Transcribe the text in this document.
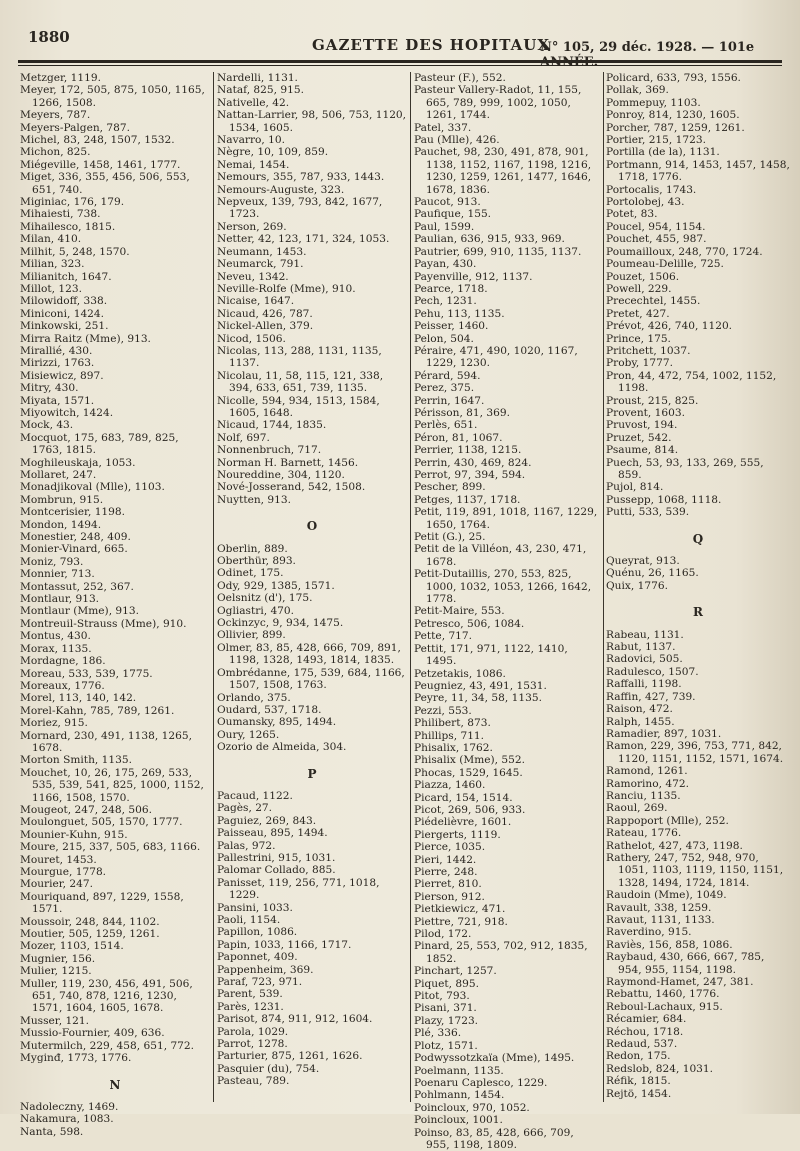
1880	GAZETTE DES HOPITAUX
N° 105, 29 déc. 1928. — 101e ANNÉE.
Metzger, 1119.
Meyer, 172, 505, 875, 1050, 1165, 1266, 1508.
Meyers, 787.
Meyers-Palgen, 787.
Michel, 83, 248, 1507, 1532.
Michon, 825.
Miégeville, 1458, 1461, 1777.
Miget, 336, 355, 456, 506, 553, 651, 740.
Miginiac, 176, 179.
Mihaiesti, 738.
Mihailesco, 1815.
Milan, 410.
Milhit, 5, 248, 1570.
Milian, 323.
Milianitch, 1647.
Millot, 123.
Milowidoff, 338.
Miniconi, 1424.
Minkowski, 251.
Mirra Raitz (Mme), 913.
Mirallié, 430.
Mirizzi, 1763.
Misiewicz, 897.
Mitry, 430.
Miyata, 1571.
Miyowitch, 1424.
Mock, 43.
Mocquot, 175, 683, 789, 825, 1763, 1815.
Moghileuskaja, 1053.
Mollaret, 247.
Monadjikoval (Mlle), 1103.
Mombrun, 915.
Montcerisier, 1198.
Mondon, 1494.
Monestier, 248, 409.
Monier-Vinard, 665.
Moniz, 793.
Monnier, 713.
Montassut, 252, 367.
Montlaur, 913.
Montlaur (Mme), 913.
Montreuil-Strauss (Mme), 910.
Montus, 430.
Morax, 1135.
Mordagne, 186.
Moreau, 533, 539, 1775.
Moreaux, 1776.
Morel, 113, 140, 142.
Morel-Kahn, 785, 789, 1261.
Moriez, 915.
Mornard, 230, 491, 1138, 1265, 1678.
Morton Smith, 1135.
Mouchet, 10, 26, 175, 269, 533, 535, 539, 541, 825, 1000, 1152, 1166, 1508, 1570.
Mougeot, 247, 248, 506.
Moulonguet, 505, 1570, 1777.
Mounier-Kuhn, 915.
Moure, 215, 337, 505, 683, 1166.
Mouret, 1453.
Mourgue, 1778.
Mourier, 247.
Mouriquand, 897, 1229, 1558, 1571.
Moussoir, 248, 844, 1102.
Moutier, 505, 1259, 1261.
Mozer, 1103, 1514.
Mugnier, 156.
Mulier, 1215.
Muller, 119, 230, 456, 491, 506, 651, 740, 878, 1216, 1230, 1571, 1604, 1605, 1678.
Musser, 121.
Mussio-Fournier, 409, 636.
Mutermilch, 229, 458, 651, 772.
Myginđ, 1773, 1776.
N
Nadoleczny, 1469.
Nakamura, 1083.
Nanta, 598.
Nardelli, 1131.
Nataf, 825, 915.
Nativelle, 42.
Nattan-Larrier, 98, 506, 753, 1120, 1534, 1605.
Navarro, 10.
Nègre, 10, 109, 859.
Nemai, 1454.
Nemours, 355, 787, 933, 1443.
Nemours-Auguste, 323.
Nepveux, 139, 793, 842, 1677, 1723.
Nerson, 269.
Netter, 42, 123, 171, 324, 1053.
Neumann, 1453.
Neumarck, 791.
Neveu, 1342.
Neville-Rolfe (Mme), 910.
Nicaise, 1647.
Nicaud, 426, 787.
Nickel-Allen, 379.
Nicod, 1506.
Nicolas, 113, 288, 1131, 1135, 1137.
Nicolau, 11, 58, 115, 121, 338, 394, 633, 651, 739, 1135.
Nicolle, 594, 934, 1513, 1584, 1605, 1648.
Nicaud, 1744, 1835.
Nolf, 697.
Nonnenbruch, 717.
Norman H. Barnett, 1456.
Noureddine, 304, 1120.
Nové-Josserand, 542, 1508.
Nuytten, 913.
O
Oberlin, 889.
Oberthür, 893.
Odinet, 175.
Ody, 929, 1385, 1571.
Oelsnitz (d'), 175.
Ogliastri, 470.
Ockinzyc, 9, 934, 1475.
Ollivier, 899.
Olmer, 83, 85, 428, 666, 709, 891, 1198, 1328, 1493, 1814, 1835.
Ombrédanne, 175, 539, 684, 1166, 1507, 1508, 1763.
Orlando, 375.
Oudard, 537, 1718.
Oumansky, 895, 1494.
Oury, 1265.
Ozorio de Almeida, 304.
P
Pacaud, 1122.
Pagès, 27.
Paguiez, 269, 843.
Paisseau, 895, 1494.
Palas, 972.
Pallestrini, 915, 1031.
Palomar Collado, 885.
Panisset, 119, 256, 771, 1018, 1229.
Pansini, 1033.
Paoli, 1154.
Papillon, 1086.
Papin, 1033, 1166, 1717.
Paponnet, 409.
Pappenheim, 369.
Paraf, 723, 971.
Parent, 539.
Parès, 1231.
Parisot, 874, 911, 912, 1604.
Parola, 1029.
Parrot, 1278.
Parturier, 875, 1261, 1626.
Pasquier (du), 754.
Pasteau, 789.
Pasteur (F.), 552.
Pasteur Vallery-Radot, 11, 155, 665, 789, 999, 1002, 1050, 1261, 1744.
Patel, 337.
Pau (Mlle), 426.
Pauchet, 98, 230, 491, 878, 901, 1138, 1152, 1167, 1198, 1216, 1230, 1259, 1261, 1477, 1646, 1678, 1836.
Paucot, 913.
Paufique, 155.
Paul, 1599.
Paulian, 636, 915, 933, 969.
Pautrier, 699, 910, 1135, 1137.
Payan, 430.
Payenville, 912, 1137.
Pearce, 1718.
Pech, 1231.
Pehu, 113, 1135.
Peisser, 1460.
Pelon, 504.
Péraire, 471, 490, 1020, 1167, 1229, 1230.
Pérard, 594.
Perez, 375.
Perrin, 1647.
Périsson, 81, 369.
Perlès, 651.
Péron, 81, 1067.
Perrier, 1138, 1215.
Perrin, 430, 469, 824.
Perrot, 97, 394, 594.
Pescher, 899.
Petges, 1137, 1718.
Petit, 119, 891, 1018, 1167, 1229, 1650, 1764.
Petit (G.), 25.
Petit de la Villéon, 43, 230, 471, 1678.
Petit-Dutaillis, 270, 553, 825, 1000, 1032, 1053, 1266, 1642, 1778.
Petit-Maire, 553.
Petresco, 506, 1084.
Pette, 717.
Pettit, 171, 971, 1122, 1410, 1495.
Petzetakis, 1086.
Peugniez, 43, 491, 1531.
Peyre, 11, 34, 58, 1135.
Pezzi, 553.
Philibert, 873.
Phillips, 711.
Phisalix, 1762.
Phisalix (Mme), 552.
Phocas, 1529, 1645.
Piazza, 1460.
Picard, 154, 1514.
Picot, 269, 506, 933.
Piédelièvre, 1601.
Piergerts, 1119.
Pierce, 1035.
Pieri, 1442.
Pierre, 248.
Pierret, 810.
Pierson, 912.
Pietkiewicz, 471.
Piettre, 721, 918.
Pilod, 172.
Pinard, 25, 553, 702, 912, 1835, 1852.
Pinchart, 1257.
Piquet, 895.
Pitot, 793.
Pisani, 371.
Plazy, 1723.
Plé, 336.
Plotz, 1571.
Podwyssotzkaïa (Mme), 1495.
Poelmann, 1135.
Poenaru Caplesco, 1229.
Pohlmann, 1454.
Poincloux, 970, 1052.
Poincloux, 1001.
Poinso, 83, 85, 428, 666, 709, 955, 1198, 1809.
Policard, 633, 793, 1556.
Pollak, 369.
Pommepuy, 1103.
Ponroy, 814, 1230, 1605.
Porcher, 787, 1259, 1261.
Portier, 215, 1723.
Portilla (de la), 1131.
Portmann, 914, 1453, 1457, 1458, 1718, 1776.
Portocalis, 1743.
Portolobej, 43.
Potet, 83.
Poucel, 954, 1154.
Pouchet, 455, 987.
Poumailloux, 248, 770, 1724.
Poumeau-Delille, 725.
Pouzet, 1506.
Powell, 229.
Precechtel, 1455.
Pretet, 427.
Prévot, 426, 740, 1120.
Prince, 175.
Pritchett, 1037.
Proby, 1777.
Pron, 44, 472, 754, 1002, 1152, 1198.
Proust, 215, 825.
Provent, 1603.
Pruvost, 194.
Pruzet, 542.
Psaume, 814.
Puech, 53, 93, 133, 269, 555, 859.
Pujol, 814.
Pussepp, 1068, 1118.
Putti, 533, 539.
Q
Queyrat, 913.
Quénu, 26, 1165.
Quix, 1776.
R
Rabeau, 1131.
Rabut, 1137.
Radovici, 505.
Radulesco, 1507.
Raffalli, 1198.
Raffin, 427, 739.
Raison, 472.
Ralph, 1455.
Ramadier, 897, 1031.
Ramon, 229, 396, 753, 771, 842, 1120, 1151, 1152, 1571, 1674.
Ramond, 1261.
Ramorino, 472.
Ranciu, 1135.
Raoul, 269.
Rappoport (Mlle), 252.
Rateau, 1776.
Rathelot, 427, 473, 1198.
Rathery, 247, 752, 948, 970, 1051, 1103, 1119, 1150, 1151, 1328, 1494, 1724, 1814.
Raudoin (Mme), 1049.
Ravault, 338, 1259.
Ravaut, 1131, 1133.
Raverdino, 915.
Raviès, 156, 858, 1086.
Raybaud, 430, 666, 667, 785, 954, 955, 1154, 1198.
Raymond-Hamet, 247, 381.
Rebattu, 1460, 1776.
Reboul-Lachaux, 915.
Récamier, 684.
Réchou, 1718.
Redaud, 537.
Redon, 175.
Redslob, 824, 1031.
Réfik, 1815.
Rejtö, 1454.
